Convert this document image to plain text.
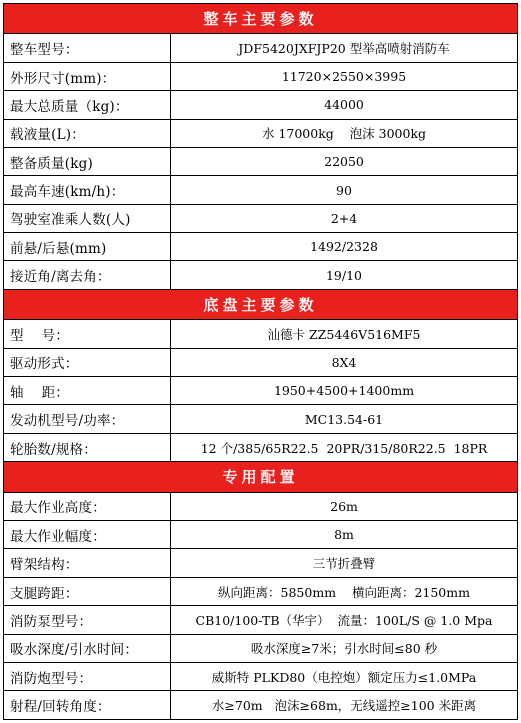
整车主要参数	
整车型号：	JDF5420JXFJP20 型举高喷射消防车
外形尺寸(mm)：	11720×2550×3995
最大总质量（kg)：	44000
载液量(L)：	水 17000kg    泡沫 3000kg
整备质量(kg)	22050
最高车速(km/h)：	90
驾驶室准乘人数(人)	2+4
前悬/后悬(mm)	1492/2328
接近角/离去角：	19/10
底盘主要参数	
型    号：	汕德卡 ZZ5446V516MF5
驱动形式：	8X4
轴    距：	1950+4500+1400mm
发动机型号/功率：	MC13.54-61
轮胎数/规格：	12 个/385/65R22.5  20PR/315/80R22.5  18PR
专用配置	
最大作业高度：	26m
最大作业幅度：	8m
臂架结构：	三节折叠臂
支腿跨距：	纵向距离：5850mm    横向距离：2150mm
消防泵型号：	CB10/100-TB（华宇）  流量：100L/S @ 1.0 Mpa
吸水深度/引水时间：	吸水深度≥7米；引水时间≤80 秒
消防炮型号：	威斯特 PLKD80（电控炮）额定压力≤1.0MPa
射程/回转角度：	水≥70m   泡沫≥68m，无线遥控≥100 米距离
